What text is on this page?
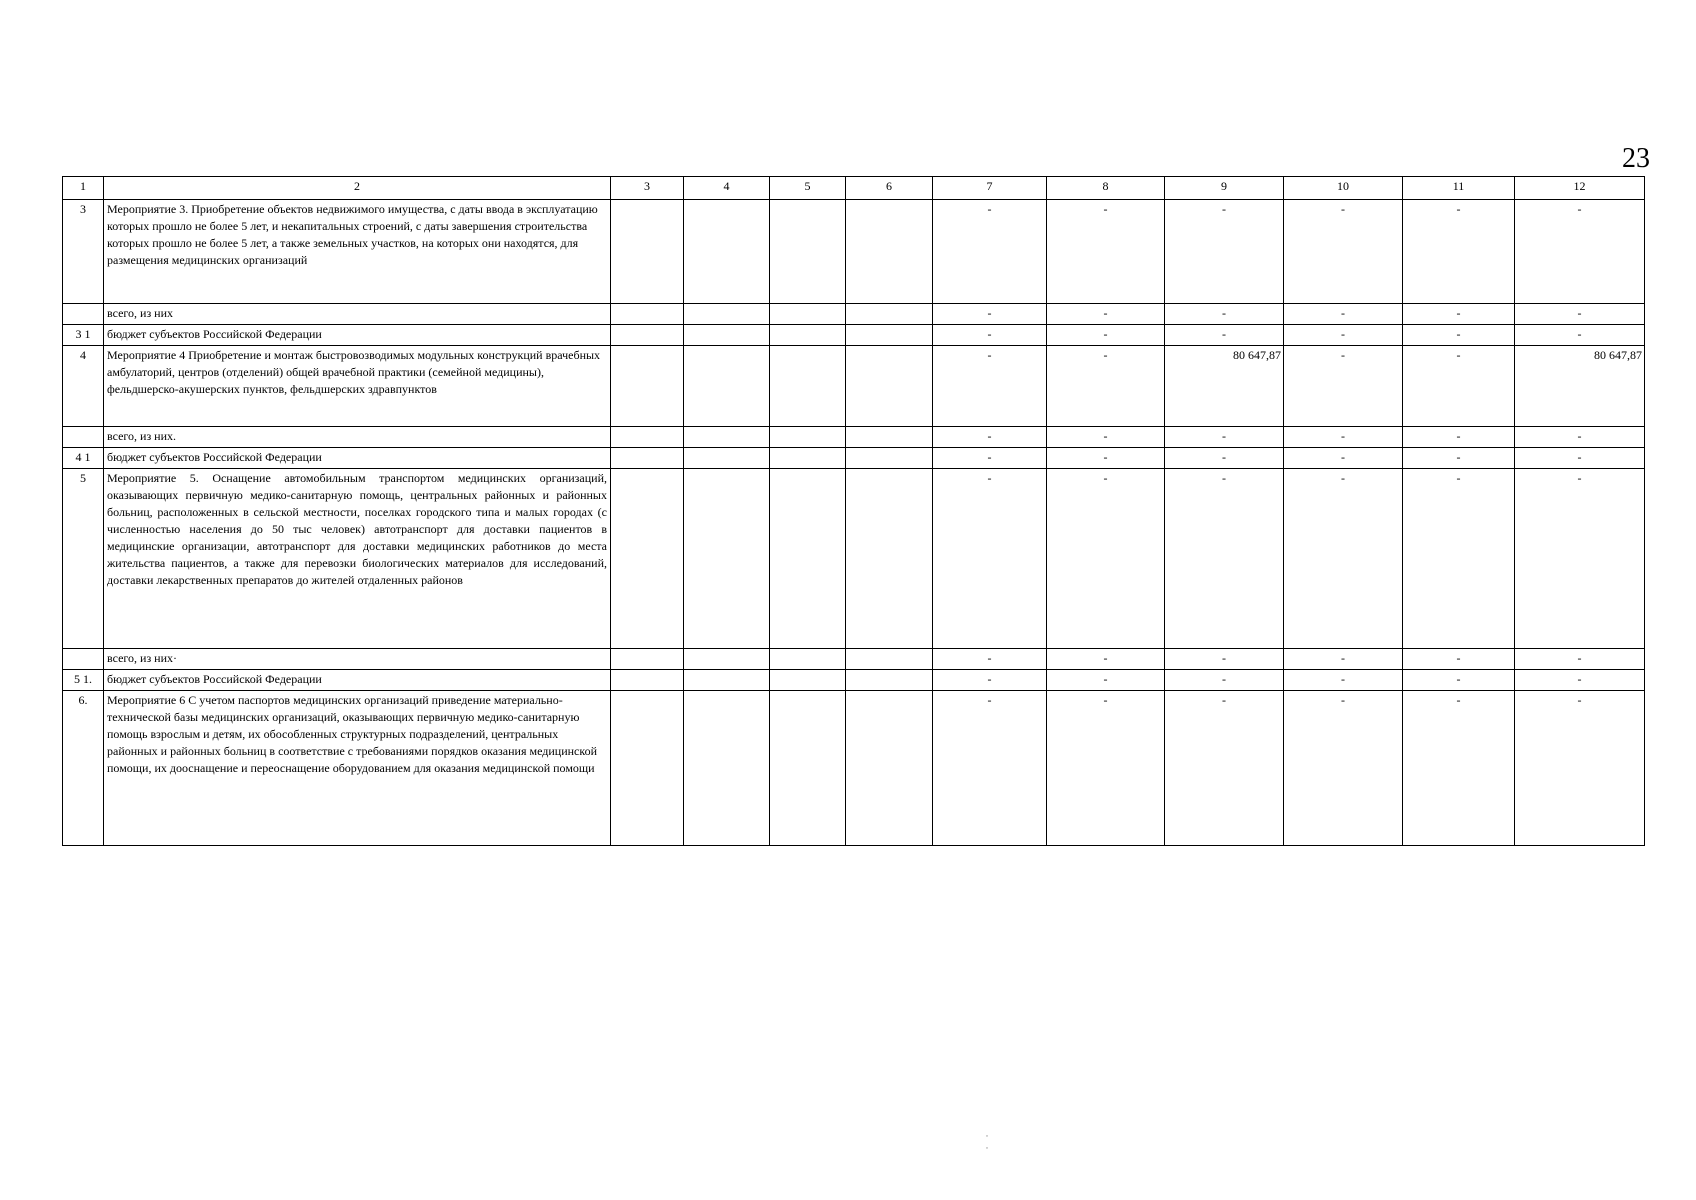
23
1	2	3	4	5	6	7	8	9	10	11	12
3	Мероприятие 3. Приобретение объектов недвижимого имущества, с даты ввода в эксплуатацию которых прошло не более 5 лет, и некапитальных строений, с даты завершения строительства которых прошло не более 5 лет, а также земельных участков, на которых они находятся, для размещения медицинских организаций					-	-	-	-	-	-
	всего, из них					-	-	-	-	-	-
3 1	бюджет субъектов Российской Федерации					-	-	-	-	-	-
4	Мероприятие 4 Приобретение и монтаж быстровозводимых модульных конструкций врачебных амбулаторий, центров (отделений) общей врачебной практики (семейной медицины), фельдшерско-акушерских пунктов, фельдшерских здравпунктов					-	-	80 647,87	-	-	80 647,87
	всего, из них.					-	-	-	-	-	-
4 1	бюджет субъектов Российской Федерации					-	-	-	-	-	-
5	Мероприятие 5. Оснащение автомобильным транспортом медицинских организаций, оказывающих первичную медико-санитарную помощь, центральных районных и районных больниц, расположенных в сельской местности, поселках городского типа и малых городах (с численностью населения до 50 тыс человек) автотранспорт для доставки пациентов в медицинские организации, автотранспорт для доставки медицинских работников до места жительства пациентов, а также для перевозки биологических материалов для исследований, доставки лекарственных препаратов до жителей отдаленных районов					-	-	-	-	-	-
	всего, из них·					-	-	-	-	-	-
5 1.	бюджет субъектов Российской Федерации					-	-	-	-	-	-
6.	Мероприятие 6 С учетом паспортов медицинских организаций приведение материально-технической базы медицинских организаций, оказывающих первичную медико-санитарную помощь взрослым и детям, их обособленных структурных подразделений, центральных районных и районных больниц в соответствие с требованиями порядков оказания медицинской помощи, их дооснащение и переоснащение оборудованием для оказания медицинской помощи					-	-	-	-	-	-
·
·
